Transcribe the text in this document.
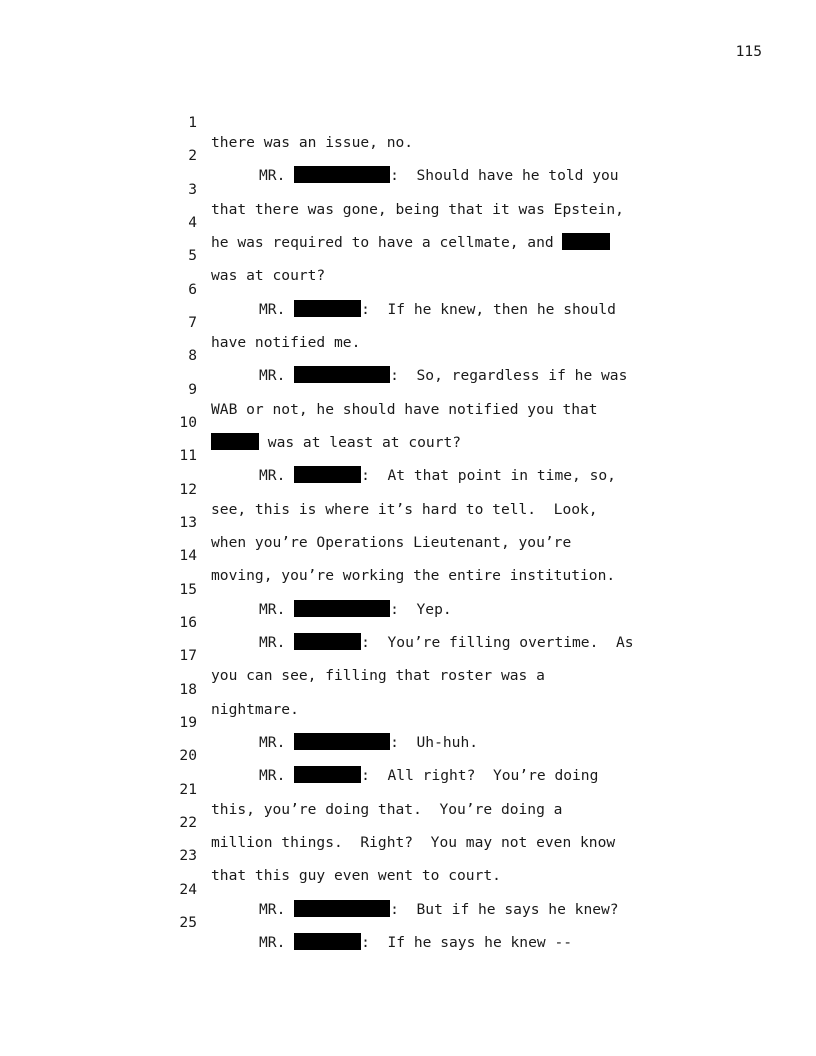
115

1

there was an issue, no.

2

MR.	:  Should have he told you

3

that there was gone, being that it was Epstein,

4

he was required to have a cellmate, and

5

was at court?

6

MR.	:  If he knew, then he should

7

have notified me.

8

MR.	:  So, regardless if he was

9

WAB or not, he should have notified you that

10

was at least at court?

11

MR.	:  At that point in time, so,

12

see, this is where it’s hard to tell.  Look,

13

when you’re Operations Lieutenant, you’re

14

moving, you’re working the entire institution.

15

MR.	:  Yep.

16

MR.	:  You’re filling overtime.  As

17

you can see, filling that roster was a

18

nightmare.

19

MR.	:  Uh-huh.

20

MR.	:  All right?  You’re doing

21

this, you’re doing that.  You’re doing a

22

million things.  Right?  You may not even know

23

that this guy even went to court.

24

MR.	:  But if he says he knew?

25

MR.	:  If he says he knew --
